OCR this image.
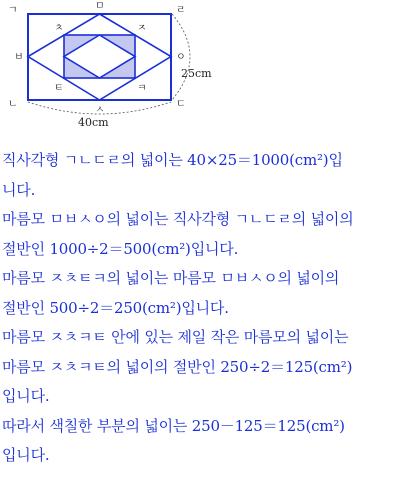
ㄱ
ㄴ	ㄷ
ㄹ
ㅁ
ㅂ
ㅅ
ㅇ
ㅊ	ㅈ
ㅌ	ㅋ
40cm
25cm
직사각형 ㄱㄴㄷㄹ의 넓이는 40×25＝1000(cm²)입
니다.
마름모 ㅁㅂㅅㅇ의 넓이는 직사각형 ㄱㄴㄷㄹ의 넓이의
절반인 1000÷2＝500(cm²)입니다.
마름모 ㅈㅊㅌㅋ의 넓이는 마름모 ㅁㅂㅅㅇ의 넓이의
절반인 500÷2＝250(cm²)입니다.
마름모 ㅈㅊㅋㅌ 안에 있는 제일 작은 마름모의 넓이는
마름모 ㅈㅊㅋㅌ의 넓이의 절반인 250÷2＝125(cm²)
입니다.
따라서 색칠한 부분의 넓이는 250－125＝125(cm²)
입니다.
